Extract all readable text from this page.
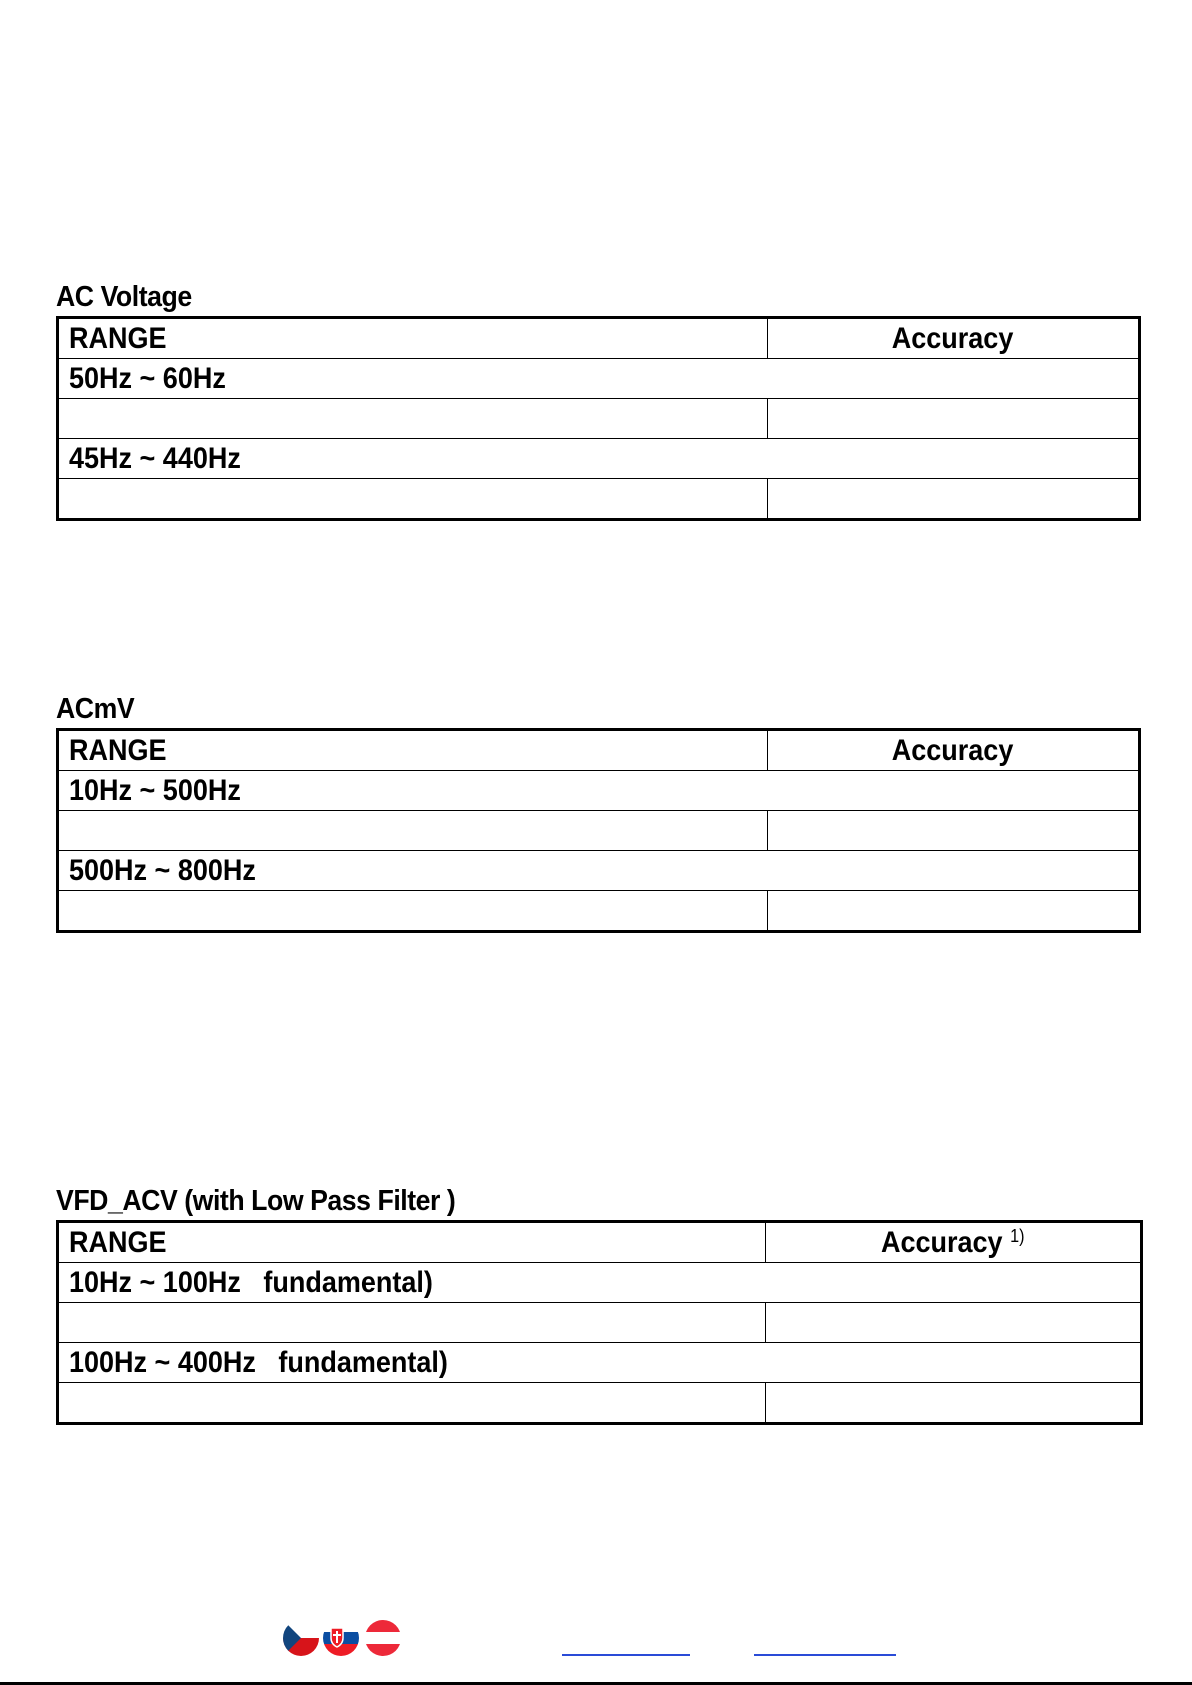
AC Voltage
RANGE	Accuracy
50Hz ~ 60Hz	

45Hz ~ 440Hz	

ACmV
RANGE	Accuracy
10Hz ~ 500Hz	

500Hz ~ 800Hz	

VFD_ACV (with Low Pass Filter )
RANGE	Accuracy $^{1)}$
10Hz ~ 100Hz   fundamental)	

100Hz ~ 400Hz   fundamental)	
